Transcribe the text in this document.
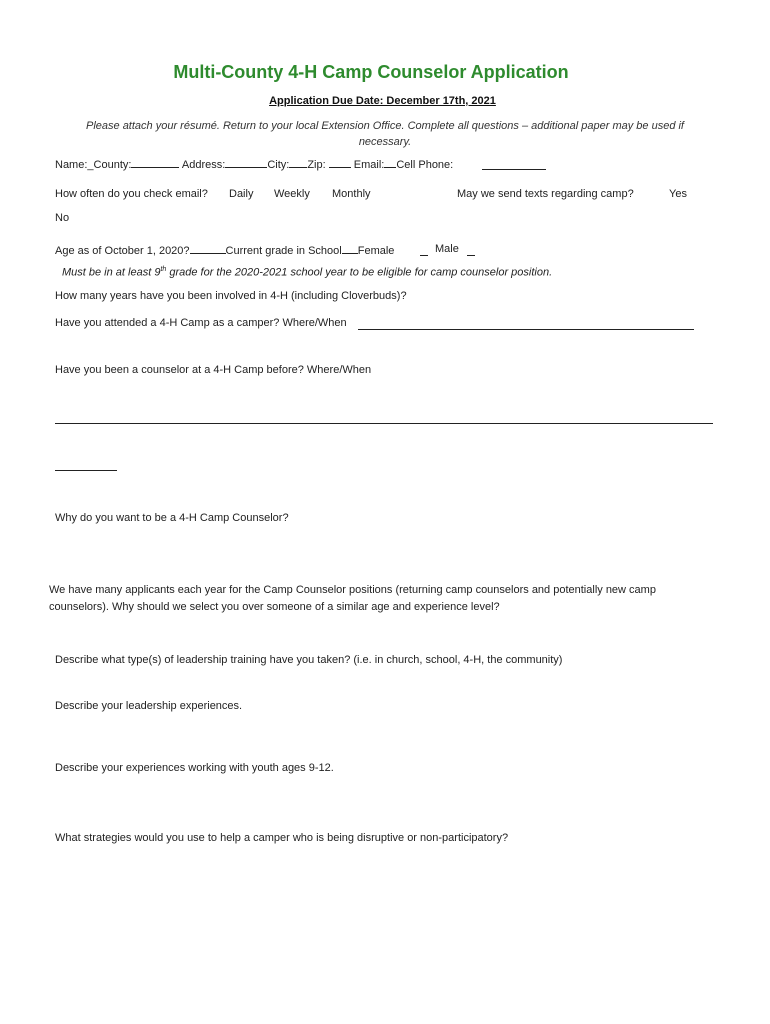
Multi-County 4-H Camp Counselor Application
Application Due Date: December 17th, 2021
Please attach your résumé. Return to your local Extension Office. Complete all questions – additional paper may be used if necessary.
Name:_County:	Address:	City: Zip:	Email: Cell Phone:
How often do you check email? Daily Weekly Monthly	May we send texts regarding camp?	Yes
No
Age as of October 1, 2020?	Current grade in School Female	Male
Must be in at least 9th grade for the 2020-2021 school year to be eligible for camp counselor position.
How many years have you been involved in 4-H (including Cloverbuds)?
Have you attended a 4-H Camp as a camper? Where/When
Have you been a counselor at a 4-H Camp before? Where/When
Why do you want to be a 4-H Camp Counselor?
We have many applicants each year for the Camp Counselor positions (returning camp counselors and potentially new camp
counselors). Why should we select you over someone of a similar age and experience level?
Describe what type(s) of leadership training have you taken? (i.e. in church, school, 4-H, the community)
Describe your leadership experiences.
Describe your experiences working with youth ages 9-12.
What strategies would you use to help a camper who is being disruptive or non-participatory?
